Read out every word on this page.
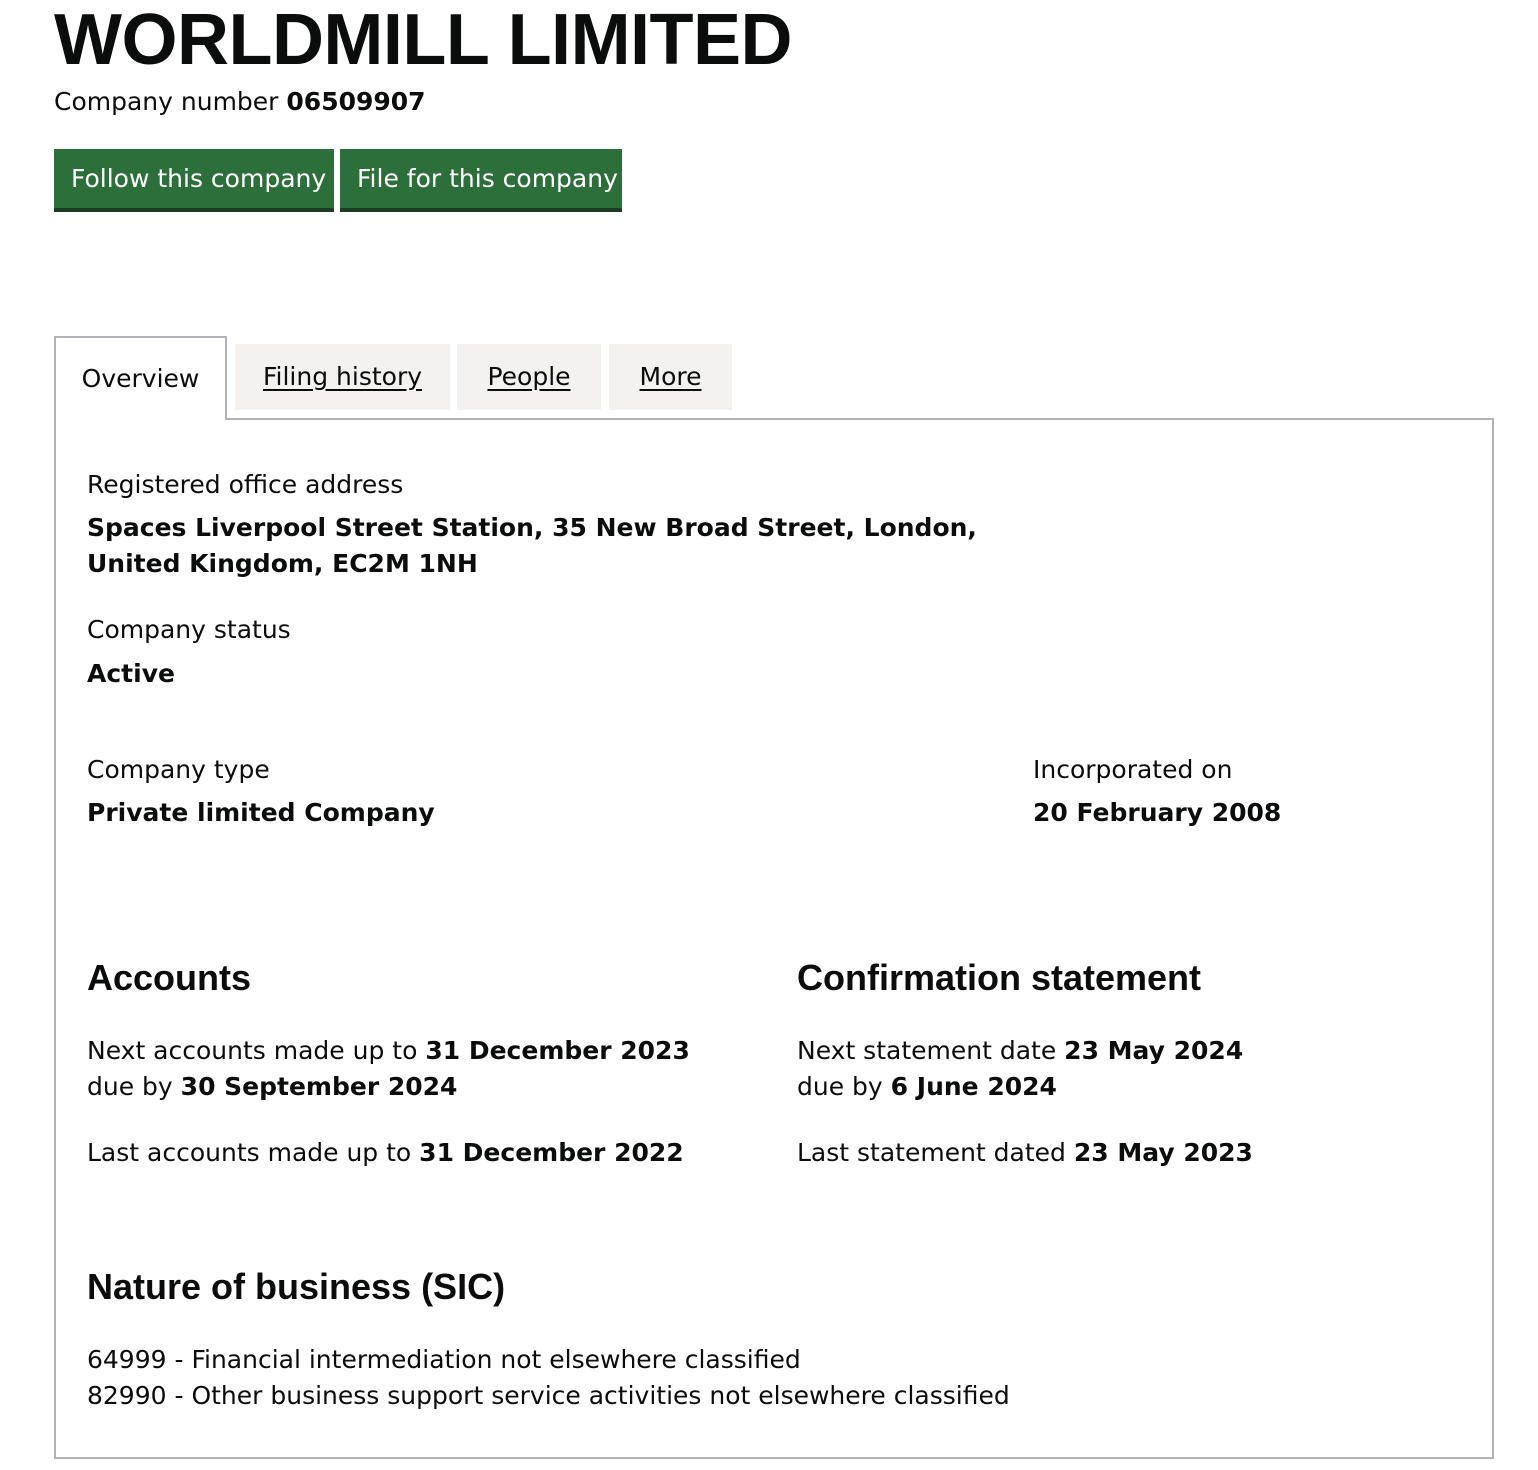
WORLDMILL LIMITED
Company number 06509907
Follow this company	File for this company
Overview	Filing history	People	More
Registered office address
Spaces Liverpool Street Station, 35 New Broad Street, London,
United Kingdom, EC2M 1NH
Company status
Active
Company type
Private limited Company
Incorporated on
20 February 2008
Accounts
Next accounts made up to 31 December 2023
due by 30 September 2024
Last accounts made up to 31 December 2022
Confirmation statement
Next statement date 23 May 2024
due by 6 June 2024
Last statement dated 23 May 2023
Nature of business (SIC)
64999 - Financial intermediation not elsewhere classified
82990 - Other business support service activities not elsewhere classified
